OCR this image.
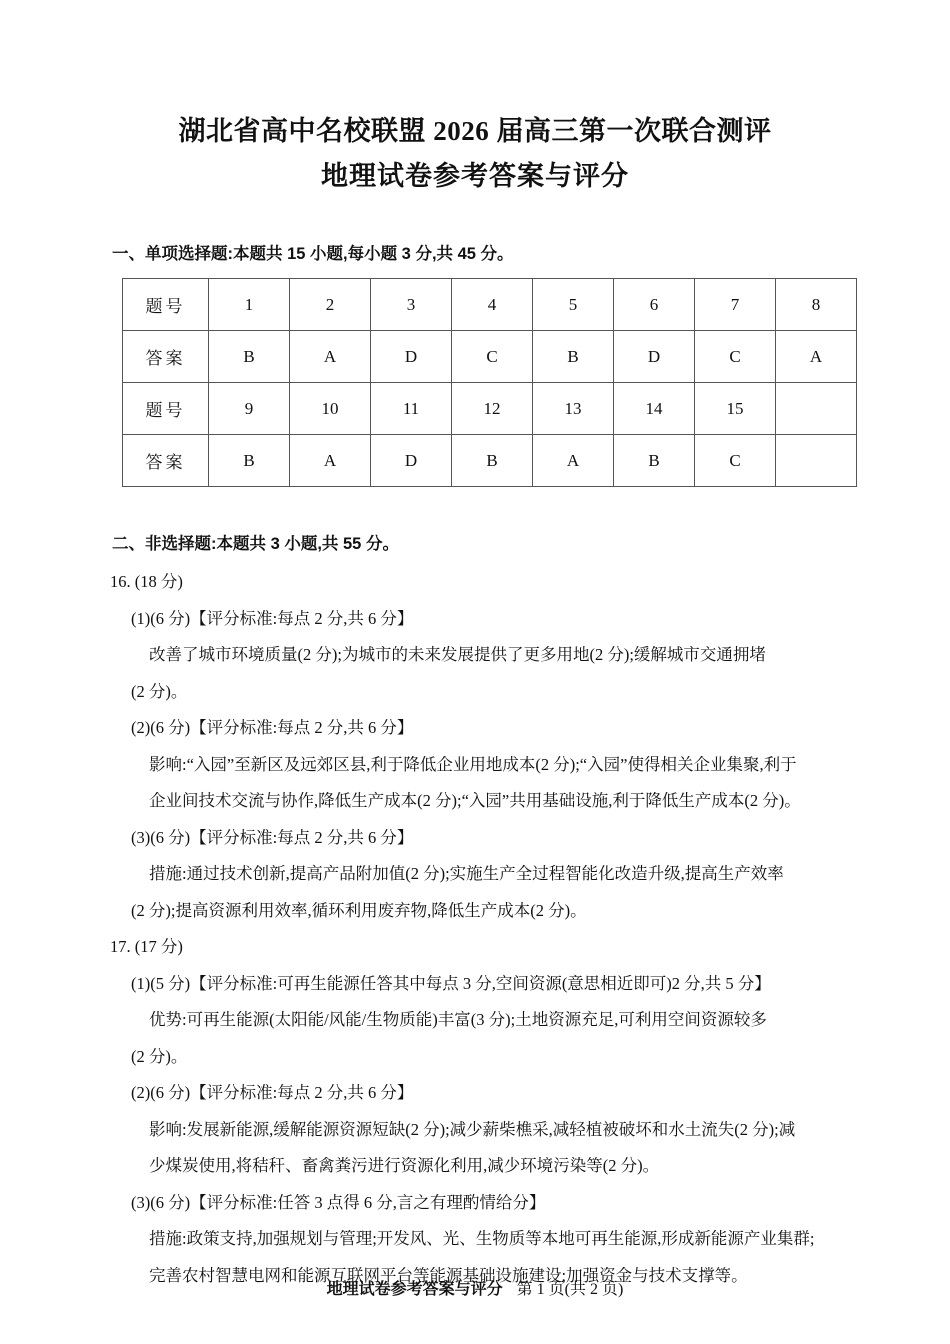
湖北省高中名校联盟 2026 届高三第一次联合测评
地理试卷参考答案与评分
一、单项选择题:本题共 15 小题,每小题 3 分,共 45 分。
题号	1	2	3	4	5	6	7	8
答案	B	A	D	C	B	D	C	A
题号	9	10	11	12	13	14	15	
答案	B	A	D	B	A	B	C	
二、非选择题:本题共 3 小题,共 55 分。
16. (18 分)
(1)(6 分)【评分标准:每点 2 分,共 6 分】
改善了城市环境质量(2 分);为城市的未来发展提供了更多用地(2 分);缓解城市交通拥堵
(2 分)。
(2)(6 分)【评分标准:每点 2 分,共 6 分】
影响:“入园”至新区及远郊区县,利于降低企业用地成本(2 分);“入园”使得相关企业集聚,利于
企业间技术交流与协作,降低生产成本(2 分);“入园”共用基础设施,利于降低生产成本(2 分)。
(3)(6 分)【评分标准:每点 2 分,共 6 分】
措施:通过技术创新,提高产品附加值(2 分);实施生产全过程智能化改造升级,提高生产效率
(2 分);提高资源利用效率,循环利用废弃物,降低生产成本(2 分)。
17. (17 分)
(1)(5 分)【评分标准:可再生能源任答其中每点 3 分,空间资源(意思相近即可)2 分,共 5 分】
优势:可再生能源(太阳能/风能/生物质能)丰富(3 分);土地资源充足,可利用空间资源较多
(2 分)。
(2)(6 分)【评分标准:每点 2 分,共 6 分】
影响:发展新能源,缓解能源资源短缺(2 分);减少薪柴樵采,减轻植被破坏和水土流失(2 分);减
少煤炭使用,将秸秆、畜禽粪污进行资源化利用,减少环境污染等(2 分)。
(3)(6 分)【评分标准:任答 3 点得 6 分,言之有理酌情给分】
措施:政策支持,加强规划与管理;开发风、光、生物质等本地可再生能源,形成新能源产业集群;
完善农村智慧电网和能源互联网平台等能源基础设施建设;加强资金与技术支撑等。
地理试卷参考答案与评分 第 1 页(共 2 页)
